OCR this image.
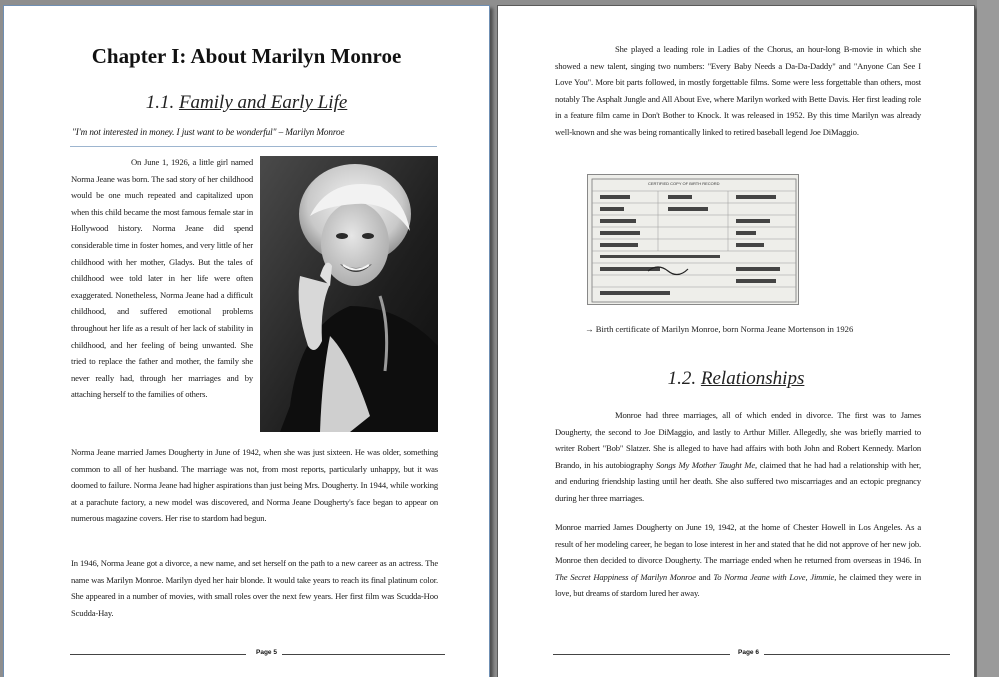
Chapter I: About Marilyn Monroe
1.1. Family and Early Life
"I'm not interested in money. I just want to be wonderful" – Marilyn Monroe

On June 1, 1926, a little girl named Norma Jeane was born. The sad story of her childhood would be one much repeated and capitalized upon when this child became the most famous female star in Hollywood history. Norma Jeane did spend considerable time in foster homes, and very little of her childhood with her mother, Gladys. But the tales of childhood wee told later in her life were often exaggerated. Nonetheless, Norma Jeane had a difficult childhood, and suffered emotional problems throughout her life as a result of her lack of stability in childhood, and her feeling of being unwanted. She tried to replace the father and mother, the family she never really had, through her marriages and by attaching herself to the families of others.

Norma Jeane married James Dougherty in June of 1942, when she was just sixteen. He was older, something common to all of her husband. The marriage was not, from most reports, particularly unhappy, but it was doomed to failure. Norma Jeane had higher aspirations than just being Mrs. Dougherty. In 1944, while working at a parachute factory, a new model was discovered, and Norma Jeane Dougherty's face began to appear on numerous magazine covers. Her rise to stardom had begun.

In 1946, Norma Jeane got a divorce, a new name, and set herself on the path to a new career as an actress. The name was Marilyn Monroe. Marilyn dyed her hair blonde. It would take years to reach its final platinum color. She appeared in a number of movies, with small roles over the next few years. Her first film was Scudda-Hoo Scudda-Hay.

Page 5

She played a leading role in Ladies of the Chorus, an hour-long B-movie in which she showed a new talent, singing two numbers: "Every Baby Needs a Da-Da-Daddy" and "Anyone Can See I Love You". More bit parts followed, in mostly forgettable films. Some were less forgettable than others, most notably The Asphalt Jungle and All About Eve, where Marilyn worked with Bette Davis. Her first leading role in a feature film came in Don't Bother to Knock. It was released in 1952. By this time Marilyn was already well-known and she was being romantically linked to retired baseball legend Joe DiMaggio.

CERTIFIED COPY OF BIRTH RECORD
→ Birth certificate of Marilyn Monroe, born Norma Jeane Mortenson in 1926
1.2. Relationships

Monroe had three marriages, all of which ended in divorce. The first was to James Dougherty, the second to Joe DiMaggio, and lastly to Arthur Miller. Allegedly, she was briefly married to writer Robert "Bob" Slatzer. She is alleged to have had affairs with both John and Robert Kennedy. Marlon Brando, in his autobiography Songs My Mother Taught Me, claimed that he had had a relationship with her, and enduring friendship lasting until her death. She also suffered two miscarriages and an ectopic pregnancy during her three marriages.

Monroe married James Dougherty on June 19, 1942, at the home of Chester Howell in Los Angeles. As a result of her modeling career, he began to lose interest in her and stated that he did not approve of her new job. Monroe then decided to divorce Dougherty. The marriage ended when he returned from overseas in 1946. In The Secret Happiness of Marilyn Monroe and To Norma Jeane with Love, Jimmie, he claimed they were in love, but dreams of stardom lured her away.

Page 6
